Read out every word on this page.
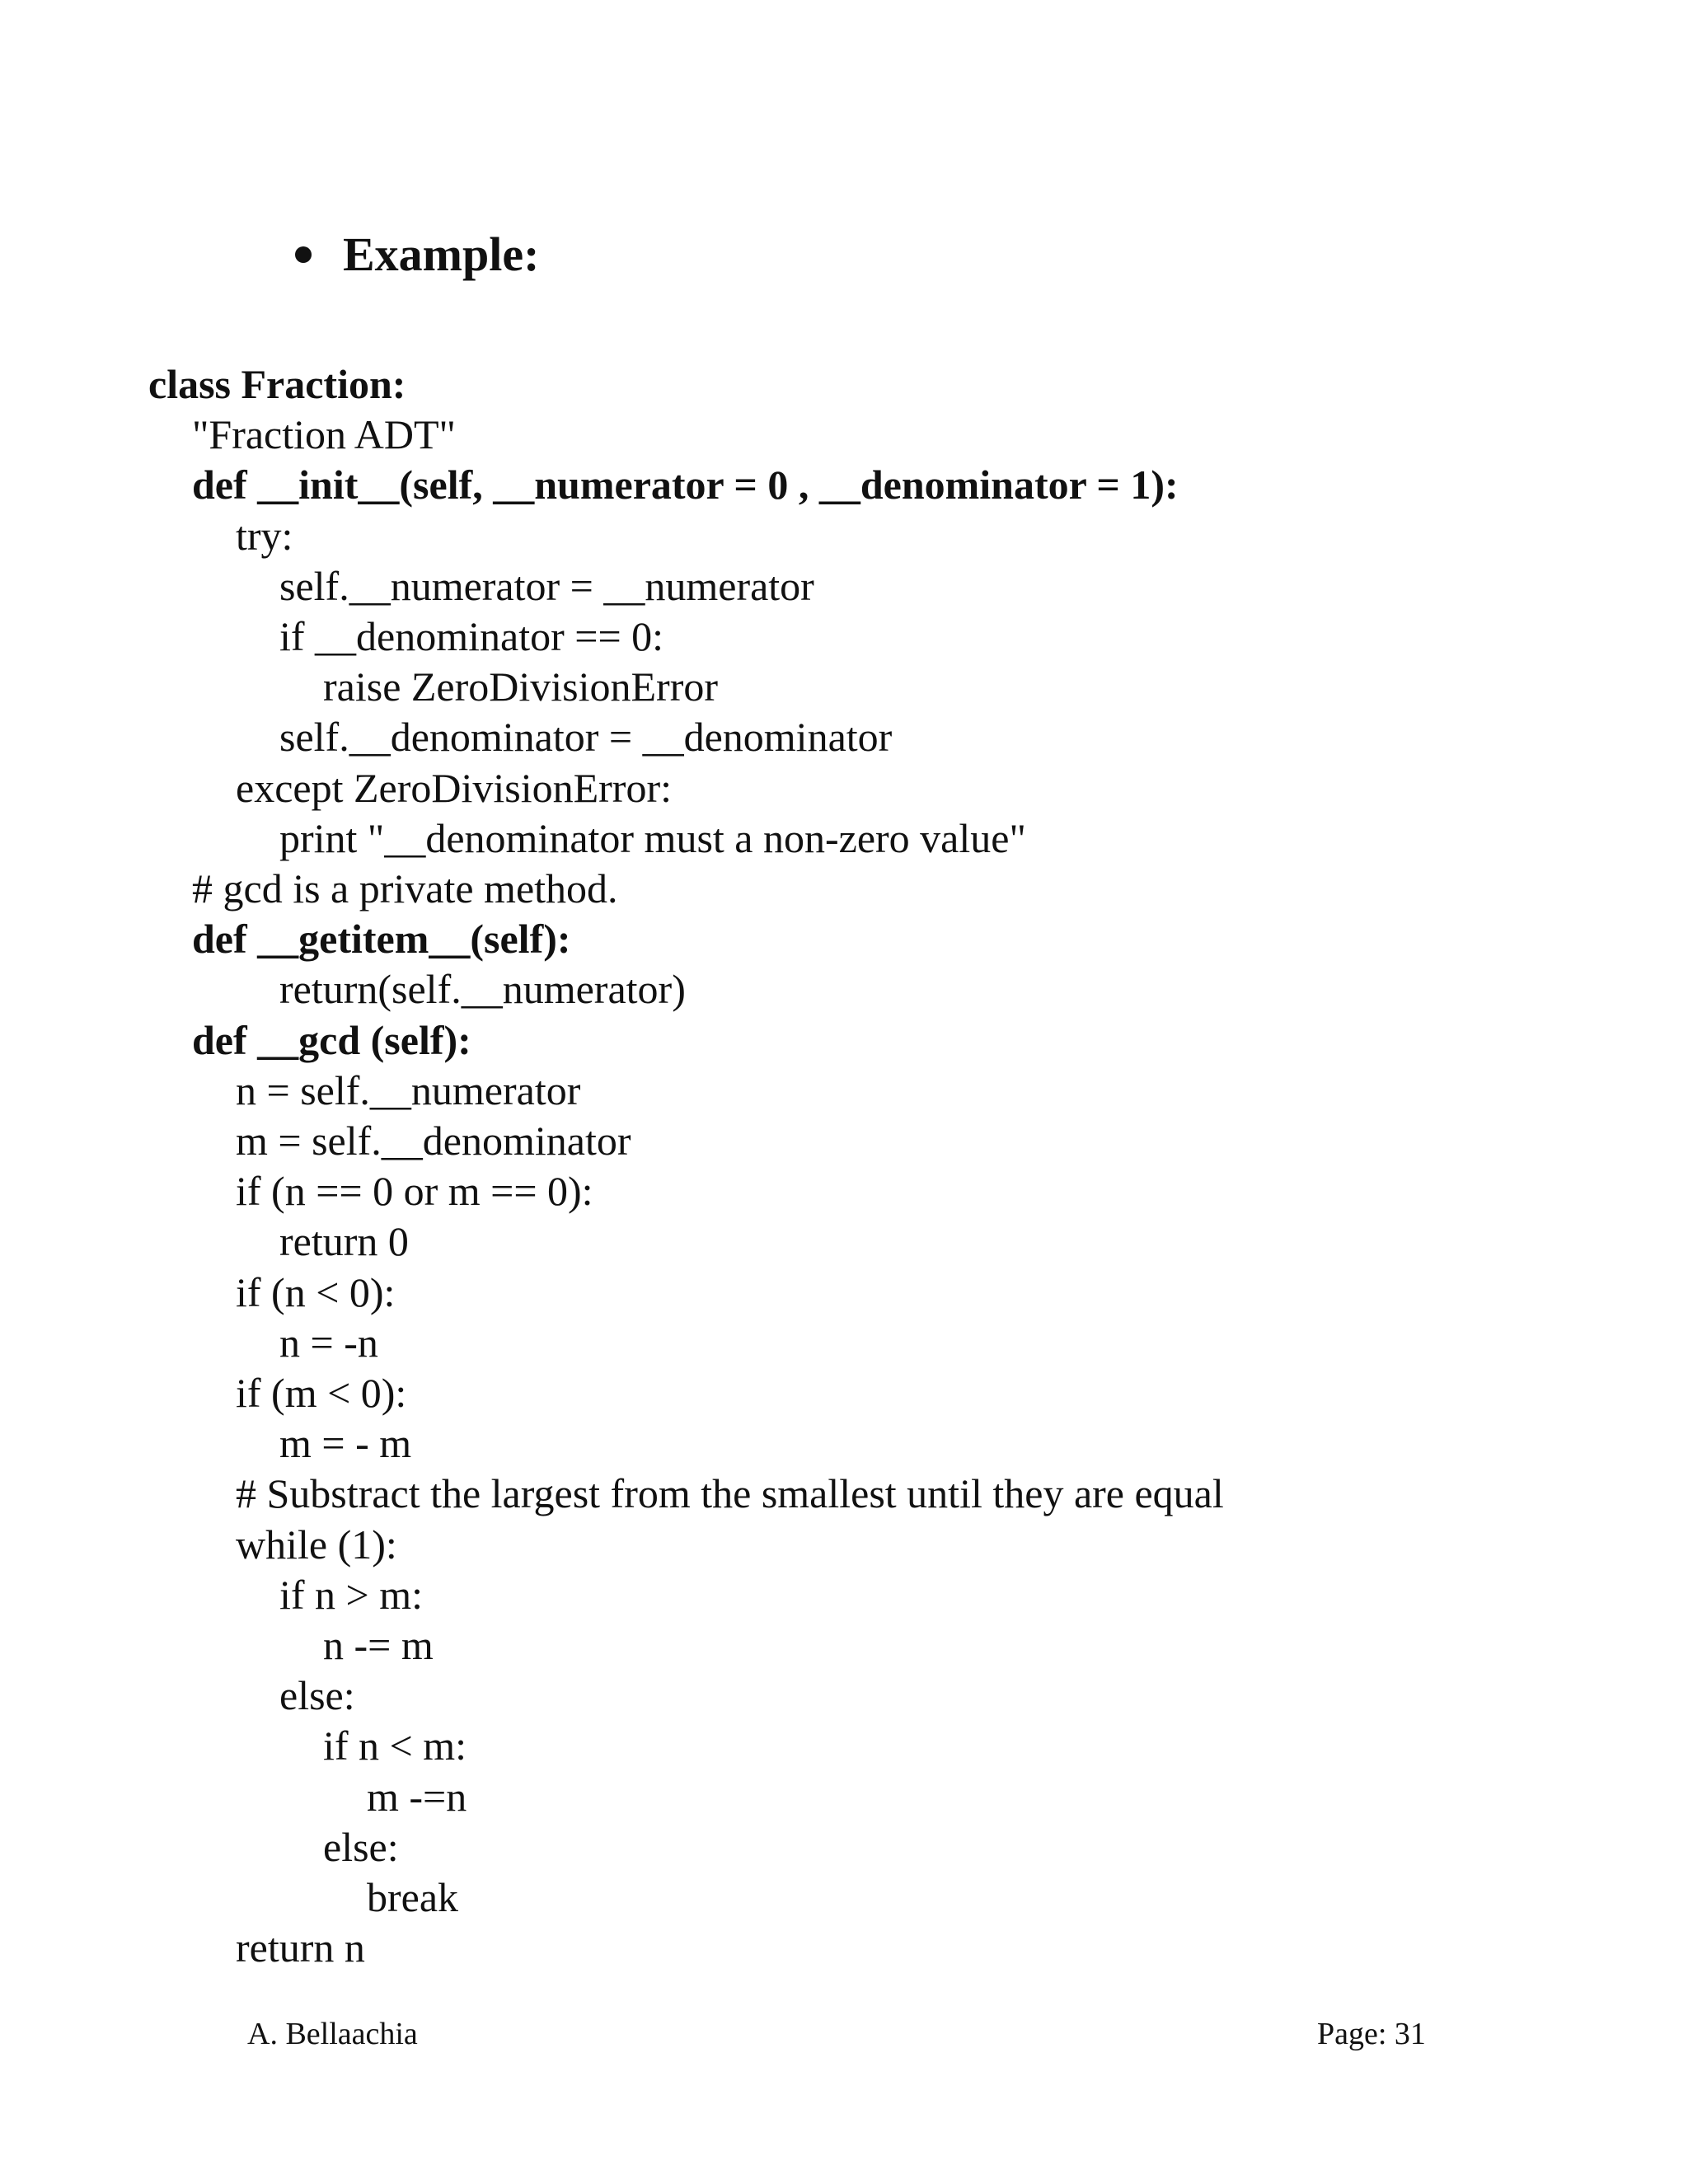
Example:
class Fraction:
"Fraction ADT"
def __init__(self, __numerator = 0 , __denominator = 1):
try:
self.__numerator = __numerator
if __denominator == 0:
raise ZeroDivisionError
self.__denominator = __denominator
except ZeroDivisionError:
print "__denominator must a non-zero value"
# gcd is a private method.
def __getitem__(self):
return(self.__numerator)
def __gcd (self):
n = self.__numerator
m = self.__denominator
if (n == 0 or m == 0):
return 0
if (n < 0):
n = -n
if (m < 0):
m = - m
# Substract the largest from the smallest until they are equal
while (1):
if n > m:
n -= m
else:
if n < m:
m -=n
else:
break
return n
A. Bellaachia	Page: 31
